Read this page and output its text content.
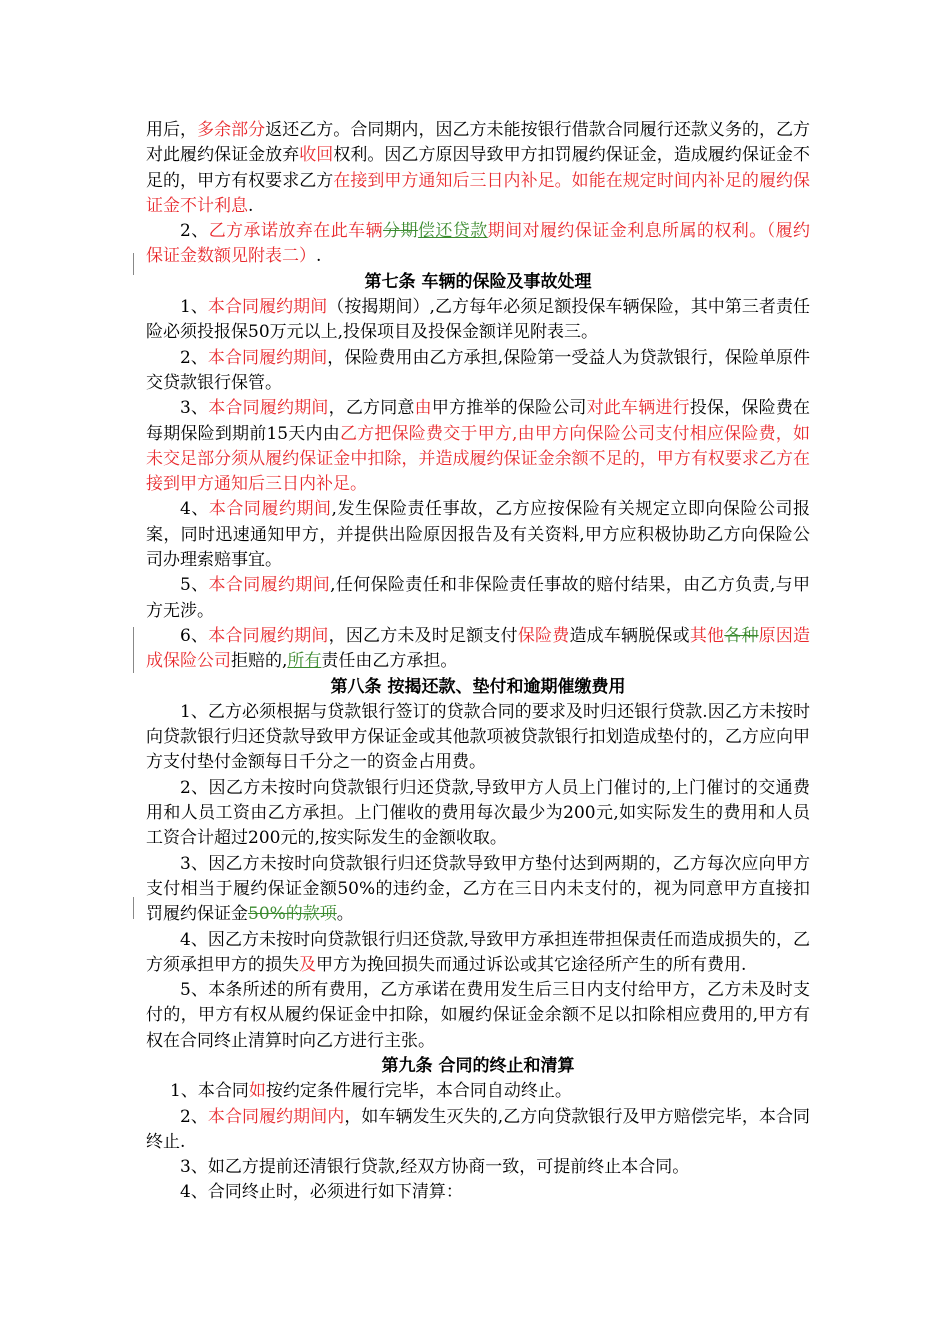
用后，多余部分返还乙方。合同期内，因乙方未能按银行借款合同履行还款义务的，乙方对此履约保证金放弃收回权利。因乙方原因导致甲方扣罚履约保证金，造成履约保证金不足的，甲方有权要求乙方在接到甲方通知后三日内补足。如能在规定时间内补足的履约保证金不计利息.

2、乙方承诺放弃在此车辆分期偿还贷款期间对履约保证金利息所属的权利。（履约保证金数额见附表二）.

第七条 车辆的保险及事故处理

1、本合同履约期间（按揭期间）,乙方每年必须足额投保车辆保险，其中第三者责任险必须投报保50万元以上,投保项目及投保金额详见附表三。

2、本合同履约期间，保险费用由乙方承担,保险第一受益人为贷款银行，保险单原件交贷款银行保管。

3、本合同履约期间，乙方同意由甲方推举的保险公司对此车辆进行投保，保险费在每期保险到期前15天内由乙方把保险费交于甲方,由甲方向保险公司支付相应保险费，如未交足部分须从履约保证金中扣除，并造成履约保证金余额不足的，甲方有权要求乙方在接到甲方通知后三日内补足。

4、本合同履约期间,发生保险责任事故，乙方应按保险有关规定立即向保险公司报案，同时迅速通知甲方，并提供出险原因报告及有关资料,甲方应积极协助乙方向保险公司办理索赔事宜。

5、本合同履约期间,任何保险责任和非保险责任事故的赔付结果，由乙方负责,与甲方无涉。

6、本合同履约期间，因乙方未及时足额支付保险费造成车辆脱保或其他各种原因造成保险公司拒赔的,所有责任由乙方承担。

第八条 按揭还款、垫付和逾期催缴费用

1、乙方必须根据与贷款银行签订的贷款合同的要求及时归还银行贷款.因乙方未按时向贷款银行归还贷款导致甲方保证金或其他款项被贷款银行扣划造成垫付的，乙方应向甲方支付垫付金额每日千分之一的资金占用费。

2、因乙方未按时向贷款银行归还贷款,导致甲方人员上门催讨的,上门催讨的交通费用和人员工资由乙方承担。上门催收的费用每次最少为200元,如实际发生的费用和人员工资合计超过200元的,按实际发生的金额收取。

3、因乙方未按时向贷款银行归还贷款导致甲方垫付达到两期的，乙方每次应向甲方支付相当于履约保证金额50%的违约金，乙方在三日内未支付的，视为同意甲方直接扣罚履约保证金50%的款项。

4、因乙方未按时向贷款银行归还贷款,导致甲方承担连带担保责任而造成损失的，乙方须承担甲方的损失及甲方为挽回损失而通过诉讼或其它途径所产生的所有费用.

5、本条所述的所有费用，乙方承诺在费用发生后三日内支付给甲方，乙方未及时支付的，甲方有权从履约保证金中扣除，如履约保证金余额不足以扣除相应费用的,甲方有权在合同终止清算时向乙方进行主张。

第九条 合同的终止和清算

1、本合同如按约定条件履行完毕，本合同自动终止。

2、本合同履约期间内，如车辆发生灭失的,乙方向贷款银行及甲方赔偿完毕，本合同终止.

3、如乙方提前还清银行贷款,经双方协商一致，可提前终止本合同。

4、合同终止时，必须进行如下清算：
